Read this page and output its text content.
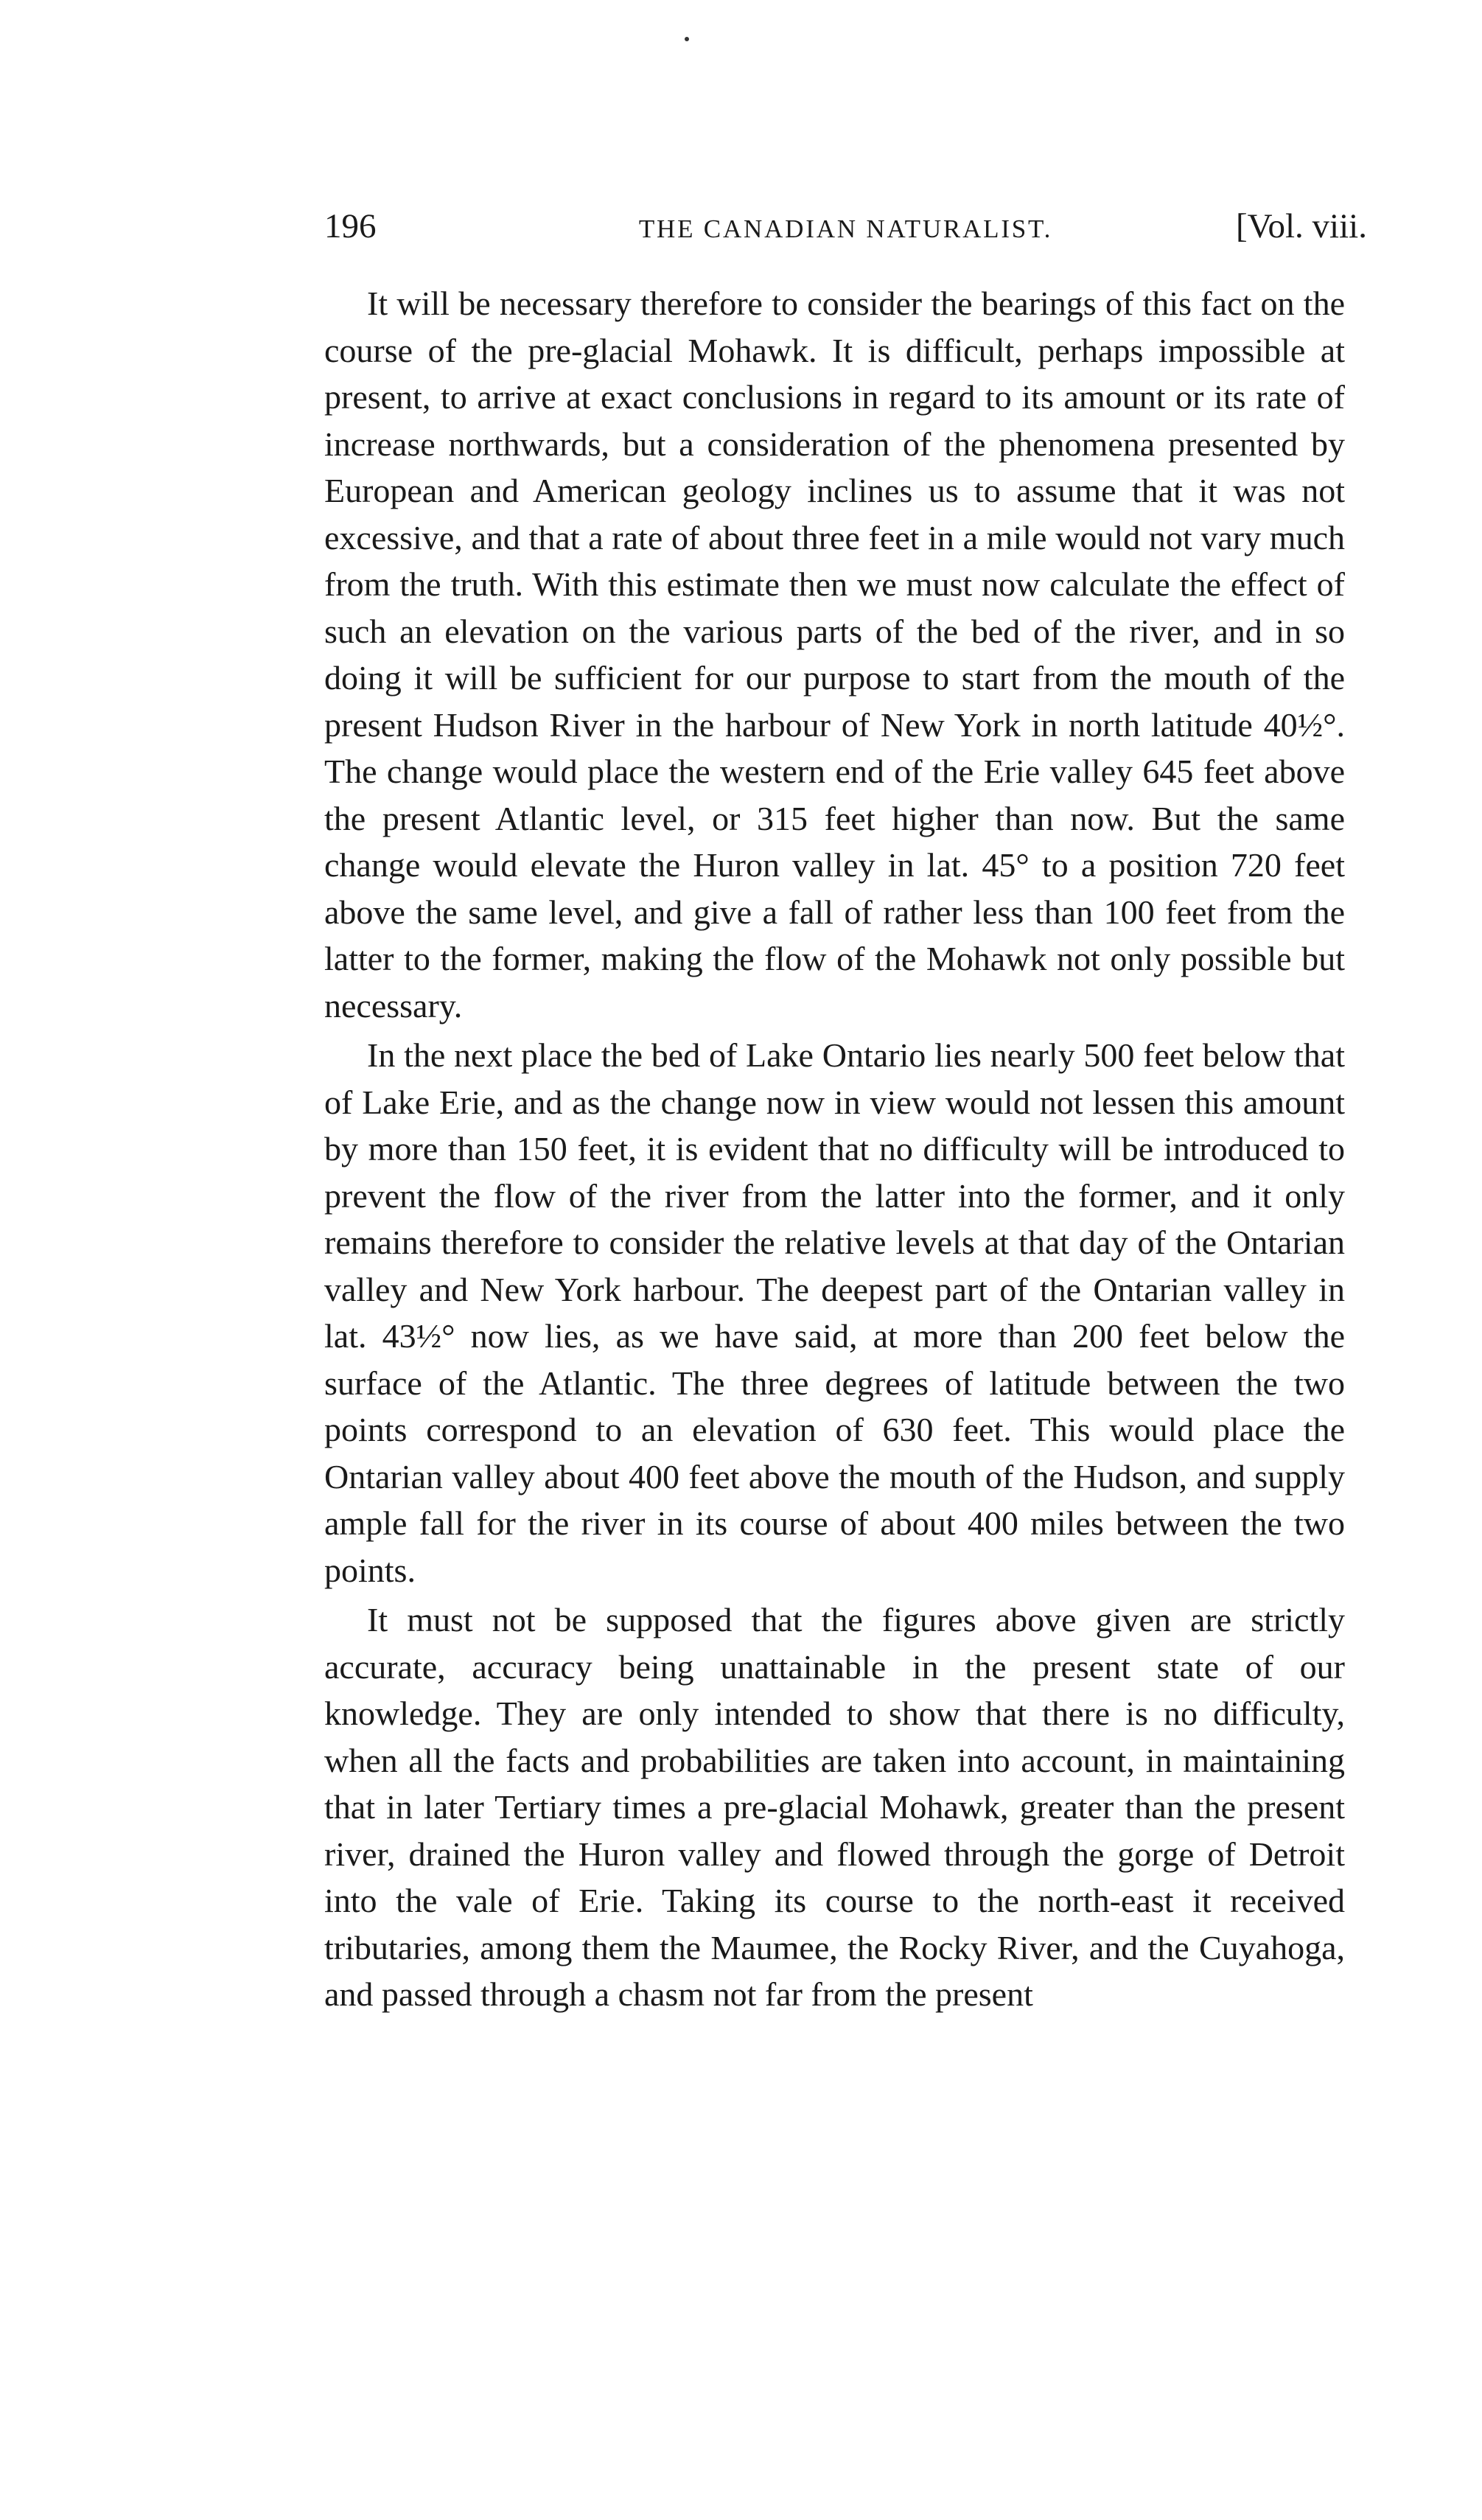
196	THE CANADIAN NATURALIST.	[Vol. viii.

It will be necessary therefore to consider the bearings of this fact on the course of the pre-glacial Mohawk. It is difficult, perhaps impossible at present, to arrive at exact conclusions in regard to its amount or its rate of increase northwards, but a consideration of the phenomena presented by European and American geology inclines us to assume that it was not excessive, and that a rate of about three feet in a mile would not vary much from the truth. With this estimate then we must now calculate the effect of such an elevation on the various parts of the bed of the river, and in so doing it will be sufficient for our purpose to start from the mouth of the present Hudson River in the harbour of New York in north latitude 40½°. The change would place the western end of the Erie valley 645 feet above the present Atlantic level, or 315 feet higher than now. But the same change would elevate the Huron valley in lat. 45° to a position 720 feet above the same level, and give a fall of rather less than 100 feet from the latter to the former, making the flow of the Mohawk not only possible but necessary.

In the next place the bed of Lake Ontario lies nearly 500 feet below that of Lake Erie, and as the change now in view would not lessen this amount by more than 150 feet, it is evident that no difficulty will be introduced to prevent the flow of the river from the latter into the former, and it only remains therefore to consider the relative levels at that day of the Ontarian valley and New York harbour. The deepest part of the Ontarian valley in lat. 43½° now lies, as we have said, at more than 200 feet below the surface of the Atlantic. The three degrees of latitude between the two points correspond to an elevation of 630 feet. This would place the Ontarian valley about 400 feet above the mouth of the Hudson, and supply ample fall for the river in its course of about 400 miles between the two points.

It must not be supposed that the figures above given are strictly accurate, accuracy being unattainable in the present state of our knowledge. They are only intended to show that there is no difficulty, when all the facts and probabilities are taken into account, in maintaining that in later Tertiary times a pre-glacial Mohawk, greater than the present river, drained the Huron valley and flowed through the gorge of Detroit into the vale of Erie. Taking its course to the north-east it received tributaries, among them the Maumee, the Rocky River, and the Cuyahoga, and passed through a chasm not far from the present
